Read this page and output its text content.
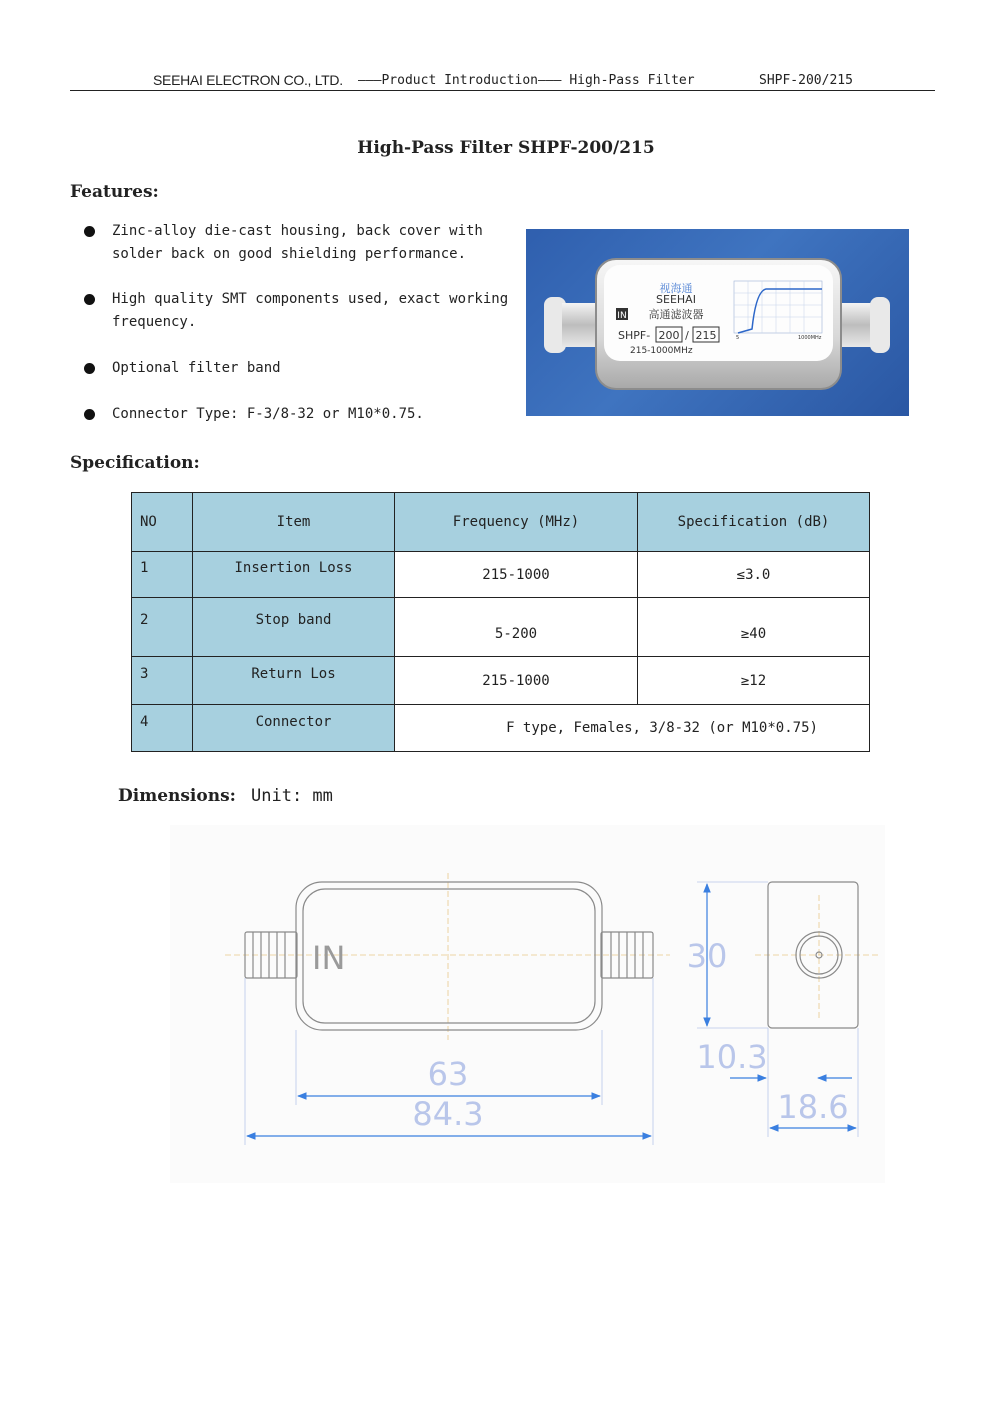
SEEHAI ELECTRON CO., LTD. ———Product Introduction——— High-Pass Filter	SHPF-200/215
High-Pass Filter SHPF-200/215
Features:
Zinc-alloy die-cast housing, back cover with solder back on good shielding performance.
High quality SMT components used, exact working frequency.
Optional filter band
Connector Type: F-3/8-32 or M10*0.75.
视海通
SEEHAI
IN 高通滤波器
SHPF- 200 / 215
215-1000MHz
5	1000MHz
Specification:
NO	Item	Frequency (MHz)	Specification (dB)
1	Insertion Loss	215-1000	≤3.0
2	Stop band	5-200	≥40
3	Return Los	215-1000	≥12
4	Connector	F type, Females, 3/8-32 (or M10*0.75)	
Dimensions: Unit: mm
IN
63
84.3
30
10.3
18.6
